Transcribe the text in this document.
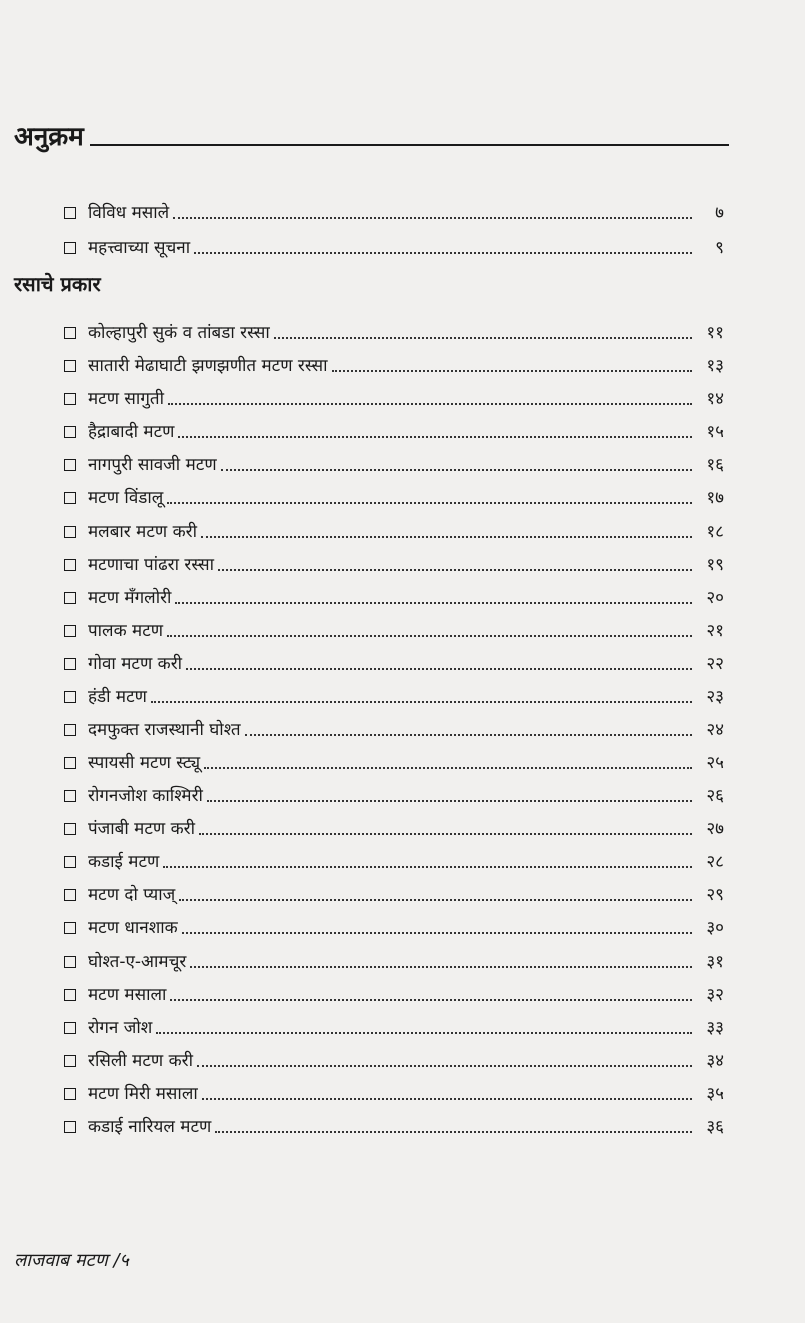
अनुक्रम
विविध मसाले	७
महत्त्वाच्या सूचना	९
रसाचे प्रकार
कोल्हापुरी सुकं व तांबडा रस्सा	११
सातारी मेढाघाटी झणझणीत मटण रस्सा	१३
मटण सागुती	१४
हैद्राबादी मटण	१५
नागपुरी सावजी मटण	१६
मटण विंडालू	१७
मलबार मटण करी	१८
मटणाचा पांढरा रस्सा	१९
मटण मँगलोरी	२०
पालक मटण	२१
गोवा मटण करी	२२
हंडी मटण	२३
दमफुक्त राजस्थानी घोश्त	२४
स्पायसी मटण स्ट्यू	२५
रोगनजोश काश्मिरी	२६
पंजाबी मटण करी	२७
कडाई मटण	२८
मटण दो प्याज्	२९
मटण धानशाक	३०
घोश्त-ए-आमचूर	३१
मटण मसाला	३२
रोगन जोश	३३
रसिली मटण करी	३४
मटण मिरी मसाला	३५
कडाई नारियल मटण	३६
लाजवाब मटण /५
